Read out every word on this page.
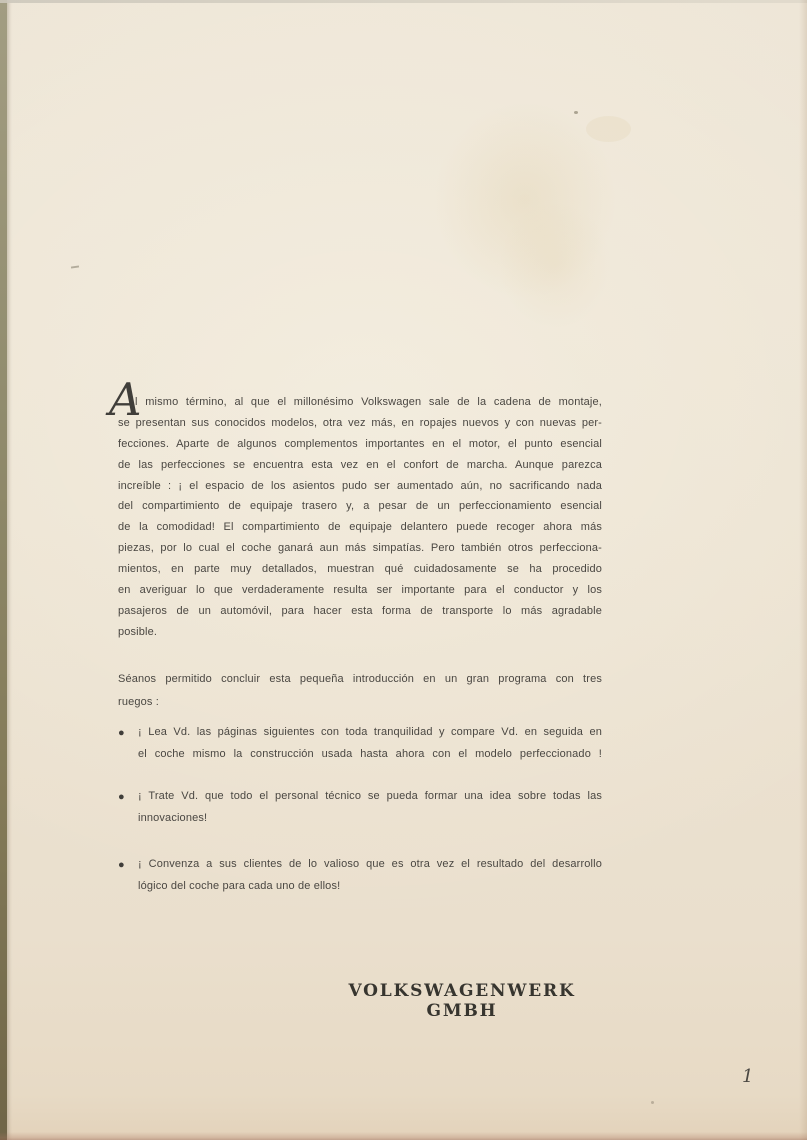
A
l mismo término, al que el millonésimo Volkswagen sale de la cadena de montaje,
se presentan sus conocidos modelos, otra vez más, en ropajes nuevos y con nuevas per-
fecciones. Aparte de algunos complementos importantes en el motor, el punto esencial
de las perfecciones se encuentra esta vez en el confort de marcha. Aunque parezca
increíble : ¡ el espacio de los asientos pudo ser aumentado aún, no sacrificando nada
del compartimiento de equipaje trasero y, a pesar de un perfeccionamiento esencial
de la comodidad! El compartimiento de equipaje delantero puede recoger ahora más
piezas, por lo cual el coche ganará aun más simpatías. Pero también otros perfecciona-
mientos, en parte muy detallados, muestran qué cuidadosamente se ha procedido
en averiguar lo que verdaderamente resulta ser importante para el conductor y los
pasajeros de un automóvil, para hacer esta forma de transporte lo más agradable
posible.
Séanos permitido concluir esta pequeña introducción en un gran programa con tres
ruegos :
● ¡ Lea Vd. las páginas siguientes con toda tranquilidad y compare Vd. en seguida en
el coche mismo la construcción usada hasta ahora con el modelo perfeccionado !
● ¡ Trate Vd. que todo el personal técnico se pueda formar una idea sobre todas las
innovaciones!
● ¡ Convenza a sus clientes de lo valioso que es otra vez el resultado del desarrollo
lógico del coche para cada uno de ellos!
VOLKSWAGENWERK GMBH
1
